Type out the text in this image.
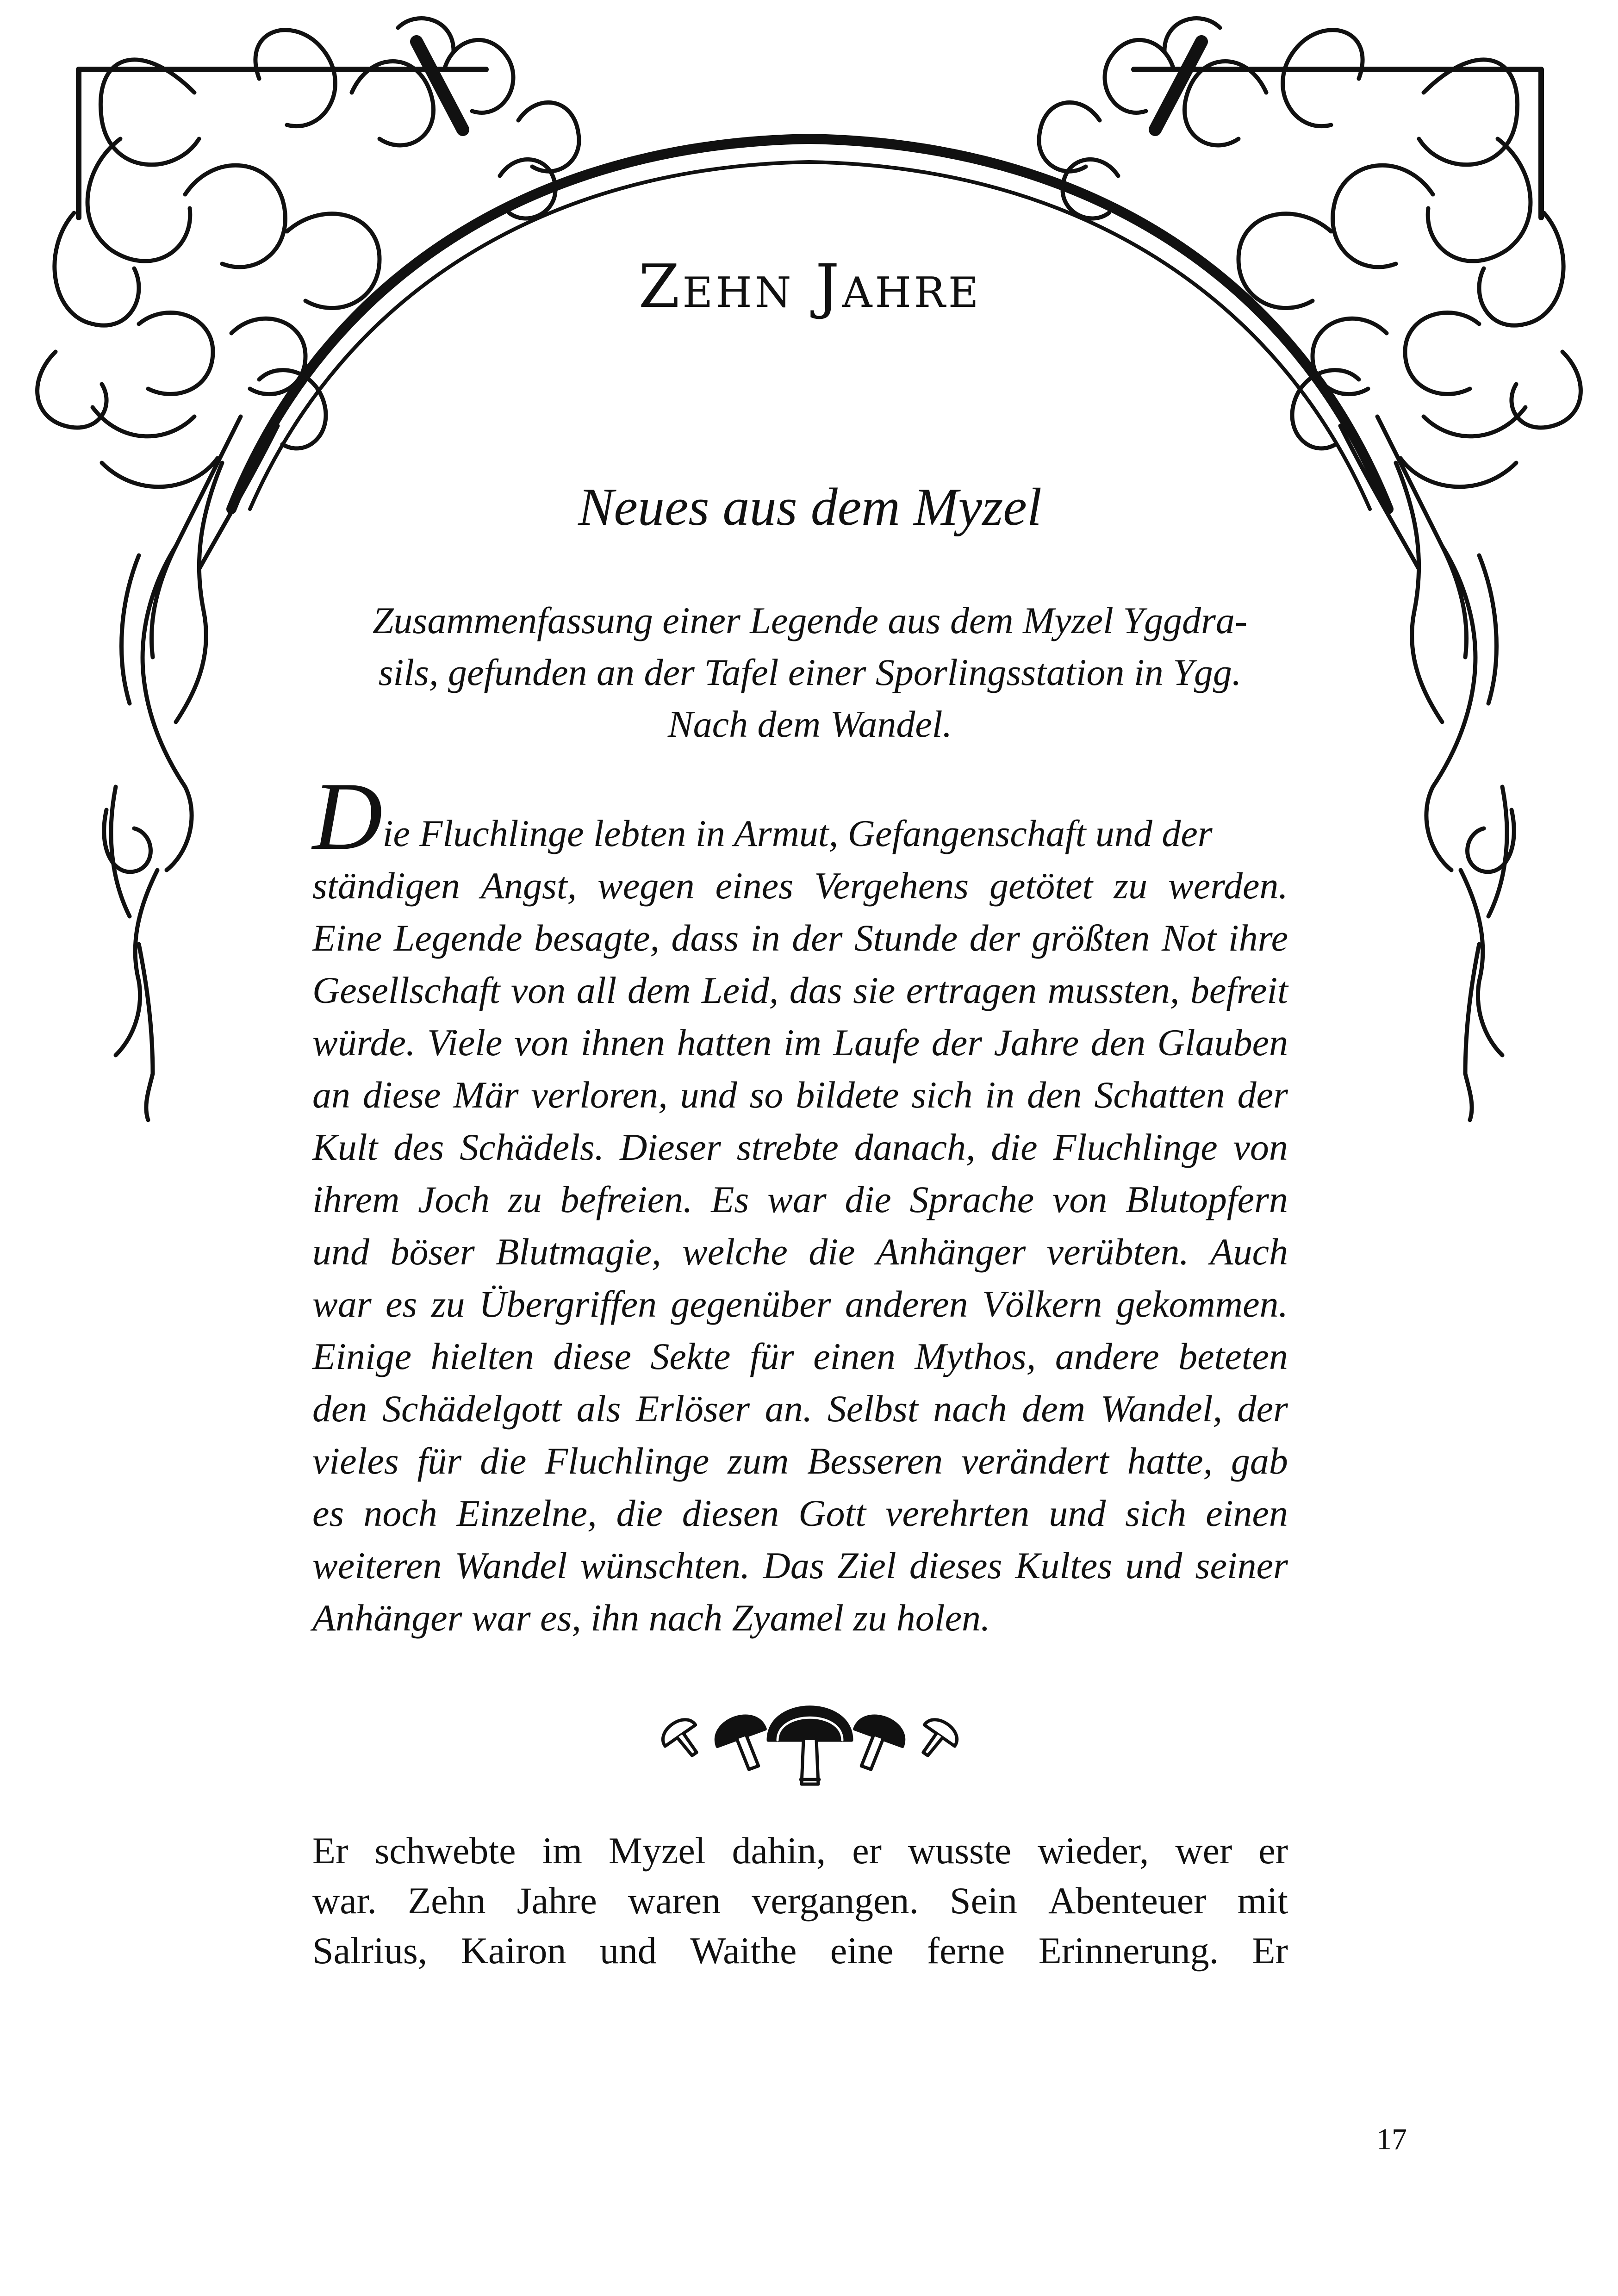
Zehn Jahre
Neues aus dem Myzel
Zusammenfassung einer Legende aus dem Myzel Yggdra-
sils, gefunden an der Tafel einer Sporlingsstation in Ygg.
Nach dem Wandel.
Die Fluchlinge lebten in Armut, Gefangenschaft und der
ständigen Angst, wegen eines Vergehens getötet zu werden.
Eine Legende besagte, dass in der Stunde der größten Not ihre
Gesellschaft von all dem Leid, das sie ertragen mussten, befreit
würde. Viele von ihnen hatten im Laufe der Jahre den Glauben
an diese Mär verloren, und so bildete sich in den Schatten der
Kult des Schädels. Dieser strebte danach, die Fluchlinge von
ihrem Joch zu befreien. Es war die Sprache von Blutopfern
und böser Blutmagie, welche die Anhänger verübten. Auch
war es zu Übergriffen gegenüber anderen Völkern gekommen.
Einige hielten diese Sekte für einen Mythos, andere beteten
den Schädelgott als Erlöser an. Selbst nach dem Wandel, der
vieles für die Fluchlinge zum Besseren verändert hatte, gab
es noch Einzelne, die diesen Gott verehrten und sich einen
weiteren Wandel wünschten. Das Ziel dieses Kultes und seiner
Anhänger war es, ihn nach Zyamel zu holen.
Er schwebte im Myzel dahin, er wusste wieder, wer er
war. Zehn Jahre waren vergangen. Sein Abenteuer mit
Salrius, Kairon und Waithe eine ferne Erinnerung. Er
17
